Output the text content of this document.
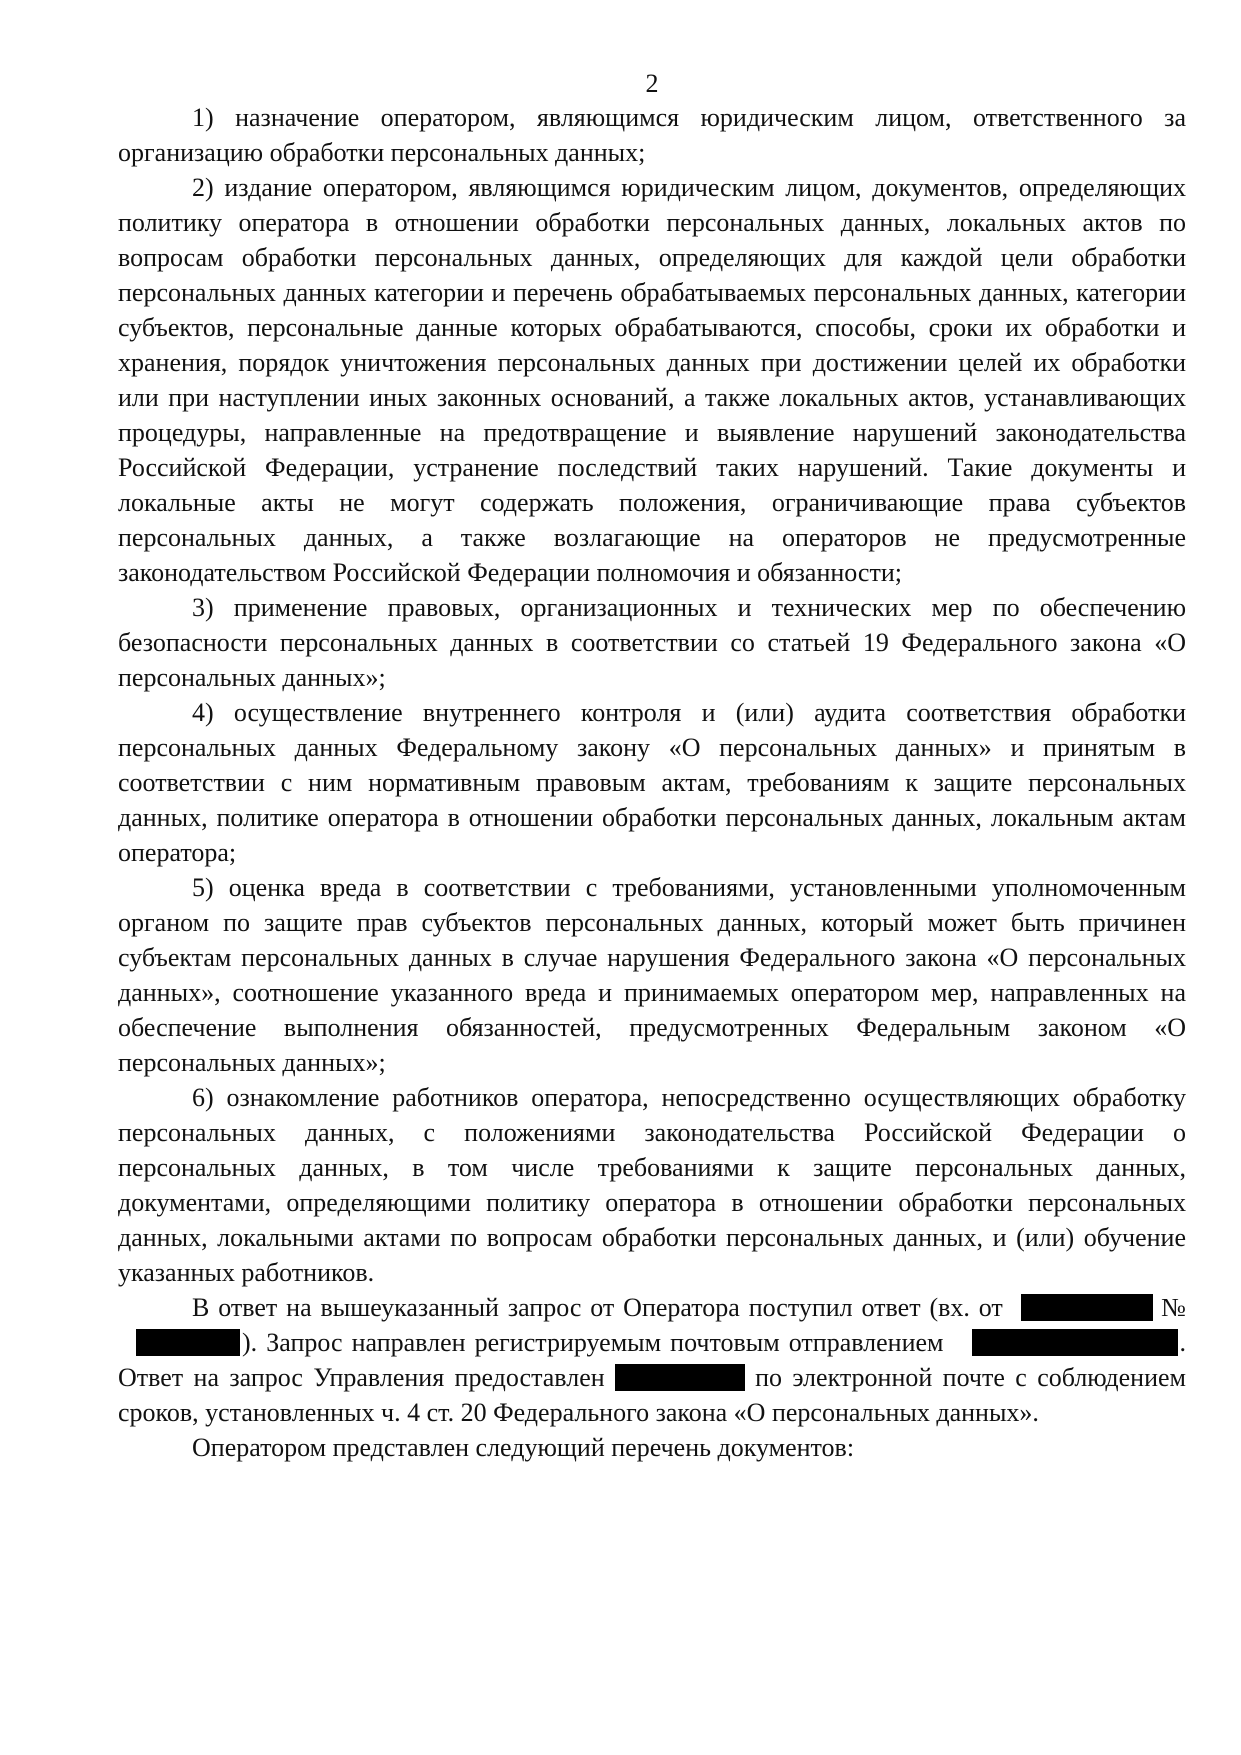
2

1) назначение оператором, являющимся юридическим лицом, ответственного за организацию обработки персональных данных;

2) издание оператором, являющимся юридическим лицом, документов, определяющих политику оператора в отношении обработки персональных данных, локальных актов по вопросам обработки персональных данных, определяющих для каждой цели обработки персональных данных категории и перечень обрабатываемых персональных данных, категории субъектов, персональные данные которых обрабатываются, способы, сроки их обработки и хранения, порядок уничтожения персональных данных при достижении целей их обработки или при наступлении иных законных оснований, а также локальных актов, устанавливающих процедуры, направленные на предотвращение и выявление нарушений законодательства Российской Федерации, устранение последствий таких нарушений. Такие документы и локальные акты не могут содержать положения, ограничивающие права субъектов персональных данных, а также возлагающие на операторов не предусмотренные законодательством Российской Федерации полномочия и обязанности;

3) применение правовых, организационных и технических мер по обеспечению безопасности персональных данных в соответствии со статьей 19 Федерального закона «О персональных данных»;

4) осуществление внутреннего контроля и (или) аудита соответствия обработки персональных данных Федеральному закону «О персональных данных» и принятым в соответствии с ним нормативным правовым актам, требованиям к защите персональных данных, политике оператора в отношении обработки персональных данных, локальным актам оператора;

5) оценка вреда в соответствии с требованиями, установленными уполномоченным органом по защите прав субъектов персональных данных, который может быть причинен субъектам персональных данных в случае нарушения Федерального закона «О персональных данных», соотношение указанного вреда и принимаемых оператором мер, направленных на обеспечение выполнения обязанностей, предусмотренных Федеральным законом «О персональных данных»;

6) ознакомление работников оператора, непосредственно осуществляющих обработку персональных данных, с положениями законодательства Российской Федерации о персональных данных, в том числе требованиями к защите персональных данных, документами, определяющими политику оператора в отношении обработки персональных данных, локальными актами по вопросам обработки персональных данных, и (или) обучение указанных работников.

В ответ на вышеуказанный запрос от Оператора поступил ответ (вх. от	№). Запрос направлен регистрируемым почтовым отправлением	. Ответ на запрос Управления предоставлен	по электронной почте с соблюдением сроков, установленных ч. 4 ст. 20 Федерального закона «О персональных данных».

Оператором представлен следующий перечень документов:
